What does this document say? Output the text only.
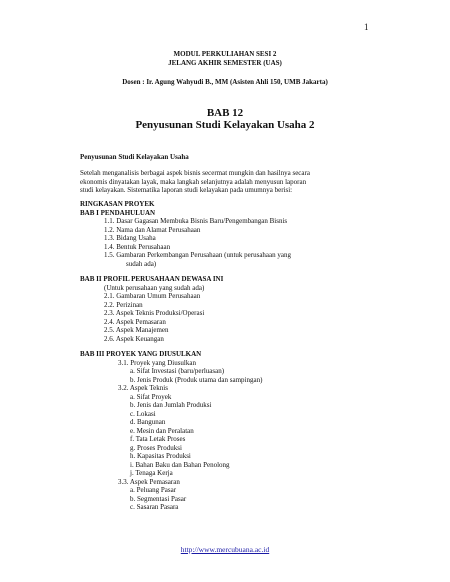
1
MODUL PERKULIAHAN SESI 2
JELANG AKHIR SEMESTER (UAS)
Dosen : Ir. Agung Wahyudi B., MM (Asisten Ahli 150, UMB Jakarta)
BAB 12
Penyusunan Studi Kelayakan Usaha 2
Penyusunan Studi Kelayakan Usaha
Setelah menganalisis berbagai aspek bisnis secermat mungkin dan hasilnya secara
ekonomis dinyatakan layak, maka langkah selanjutnya adalah menyusun laporan
studi kelayakan. Sistematika laporan studi kelayakan pada umumnya berisi:
RINGKASAN PROYEK
BAB I PENDAHULUAN
1.1. Dasar Gagasan Membuka Bisnis Baru/Pengembangan Bisnis
1.2. Nama dan Alamat Perusahaan
1.3. Bidang Usaha
1.4. Bentuk Perusahaan
1.5. Gambaran Perkembangan Perusahaan (untuk perusahaan yang
sudah ada)
BAB II PROFIL PERUSAHAAN DEWASA INI
(Untuk perusahaan yang sudah ada)
2.1. Gambaran Umum Perusahaan
2.2. Perizinan
2.3. Aspek Teknis Produksi/Operasi
2.4. Aspek Pemasaran
2.5. Aspek Manajemen
2.6. Aspek Keuangan
BAB III PROYEK YANG DIUSULKAN
3.1. Proyek yang Diusulkan
a. Sifat Investasi (baru/perluasan)
b. Jenis Produk (Produk utama dan sampingan)
3.2. Aspek Teknis
a. Sifat Proyek
b. Jenis dan Jumlah Produksi
c. Lokasi
d. Bangunan
e. Mesin dan Peralatan
f. Tata Letak Proses
g. Proses Produksi
h. Kapasitas Produksi
i. Bahan Baku dan Bahan Penolong
j. Tenaga Kerja
3.3. Aspek Pemasaran
a. Peluang Pasar
b. Segmentasi Pasar
c. Sasaran Pasara
http://www.mercubuana.ac.id
